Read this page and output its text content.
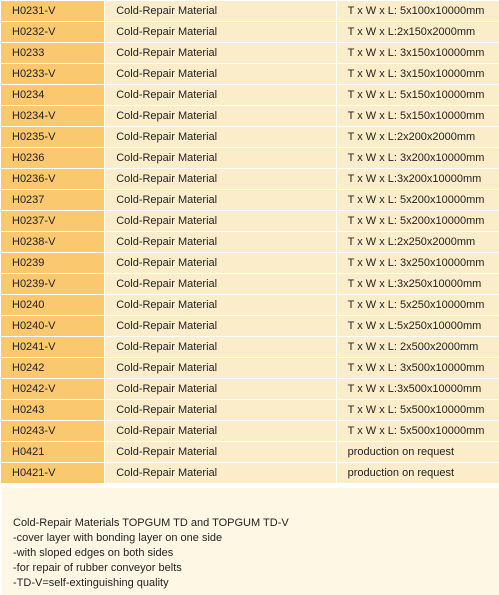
H0231-V	Cold-Repair Material	T x W x L: 5x100x10000mm
H0232-V	Cold-Repair Material	T x W x L:2x150x2000mm
H0233	Cold-Repair Material	T x W x L: 3x150x10000mm
H0233-V	Cold-Repair Material	T x W x L: 3x150x10000mm
H0234	Cold-Repair Material	T x W x L: 5x150x10000mm
H0234-V	Cold-Repair Material	T x W x L: 5x150x10000mm
H0235-V	Cold-Repair Material	T x W x L:2x200x2000mm
H0236	Cold-Repair Material	T x W x L: 3x200x10000mm
H0236-V	Cold-Repair Material	T x W x L:3x200x10000mm
H0237	Cold-Repair Material	T x W x L: 5x200x10000mm
H0237-V	Cold-Repair Material	T x W x L: 5x200x10000mm
H0238-V	Cold-Repair Material	T x W x L:2x250x2000mm
H0239	Cold-Repair Material	T x W x L: 3x250x10000mm
H0239-V	Cold-Repair Material	T x W x L:3x250x10000mm
H0240	Cold-Repair Material	T x W x L: 5x250x10000mm
H0240-V	Cold-Repair Material	T x W x L:5x250x10000mm
H0241-V	Cold-Repair Material	T x W x L: 2x500x2000mm
H0242	Cold-Repair Material	T x W x L: 3x500x10000mm
H0242-V	Cold-Repair Material	T x W x L:3x500x10000mm
H0243	Cold-Repair Material	T x W x L: 5x500x10000mm
H0243-V	Cold-Repair Material	T x W x L: 5x500x10000mm
H0421	Cold-Repair Material	production on request
H0421-V	Cold-Repair Material	production on request
Cold-Repair Materials TOPGUM TD and TOPGUM TD-V
-cover layer with bonding layer on one side
-with sloped edges on both sides
-for repair of rubber conveyor belts
-TD-V=self-extinguishing quality
